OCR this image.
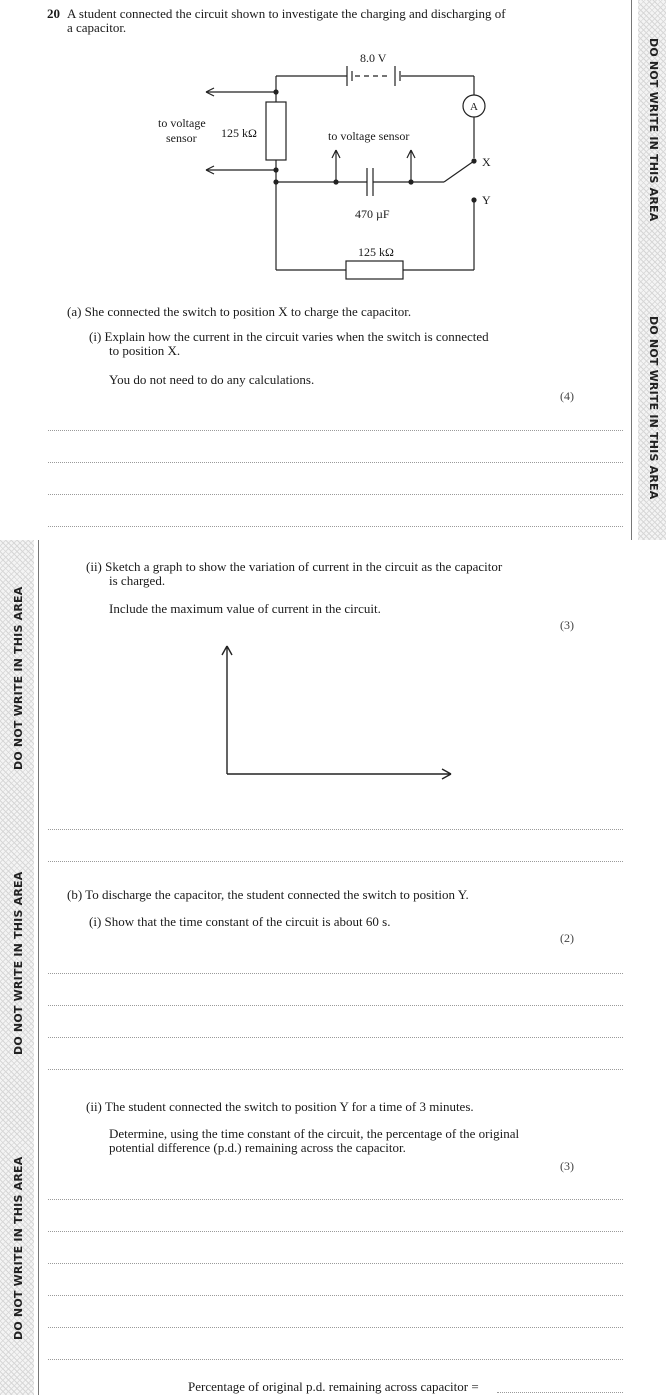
DO NOT WRITE IN THIS AREA
DO NOT WRITE IN THIS AREA
DO NOT WRITE IN THIS AREA
DO NOT WRITE IN THIS AREA
DO NOT WRITE IN THIS AREA
20 A student connected the circuit shown to investigate the charging and discharging of
a capacitor.
8.0 V
A
125 kΩ
to voltage
sensor	to voltage sensor
X
Y
470 µF
125 kΩ
(a) She connected the switch to position X to charge the capacitor.
(i) Explain how the current in the circuit varies when the switch is connected
to position X.
You do not need to do any calculations.
(4)
(ii) Sketch a graph to show the variation of current in the circuit as the capacitor
is charged.
Include the maximum value of current in the circuit.
(3)
(b) To discharge the capacitor, the student connected the switch to position Y.
(i) Show that the time constant of the circuit is about 60 s.
(2)
(ii) The student connected the switch to position Y for a time of 3 minutes.
Determine, using the time constant of the circuit, the percentage of the original
potential difference (p.d.) remaining across the capacitor.
(3)
Percentage of original p.d. remaining across capacitor =
